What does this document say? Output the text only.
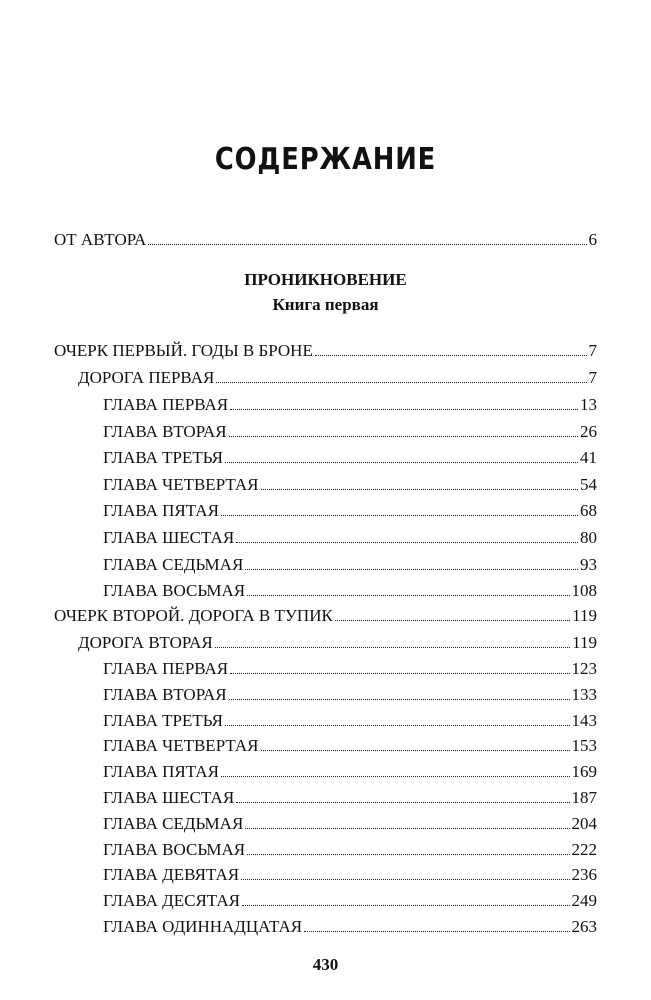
СОДЕРЖАНИЕ
ОТ АВТОРА	6
ПРОНИКНОВЕНИЕ
Книга первая
ОЧЕРК ПЕРВЫЙ. ГОДЫ В БРОНЕ	7
ДОРОГА ПЕРВАЯ	7
ГЛАВА ПЕРВАЯ	13
ГЛАВА ВТОРАЯ	26
ГЛАВА ТРЕТЬЯ	41
ГЛАВА ЧЕТВЕРТАЯ	54
ГЛАВА ПЯТАЯ	68
ГЛАВА ШЕСТАЯ	80
ГЛАВА СЕДЬМАЯ	93
ГЛАВА ВОСЬМАЯ	108
ОЧЕРК ВТОРОЙ. ДОРОГА В ТУПИК	119
ДОРОГА ВТОРАЯ	119
ГЛАВА ПЕРВАЯ	123
ГЛАВА ВТОРАЯ	133
ГЛАВА ТРЕТЬЯ	143
ГЛАВА ЧЕТВЕРТАЯ	153
ГЛАВА ПЯТАЯ	169
ГЛАВА ШЕСТАЯ	187
ГЛАВА СЕДЬМАЯ	204
ГЛАВА ВОСЬМАЯ	222
ГЛАВА ДЕВЯТАЯ	236
ГЛАВА ДЕСЯТАЯ	249
ГЛАВА ОДИННАДЦАТАЯ	263
430
